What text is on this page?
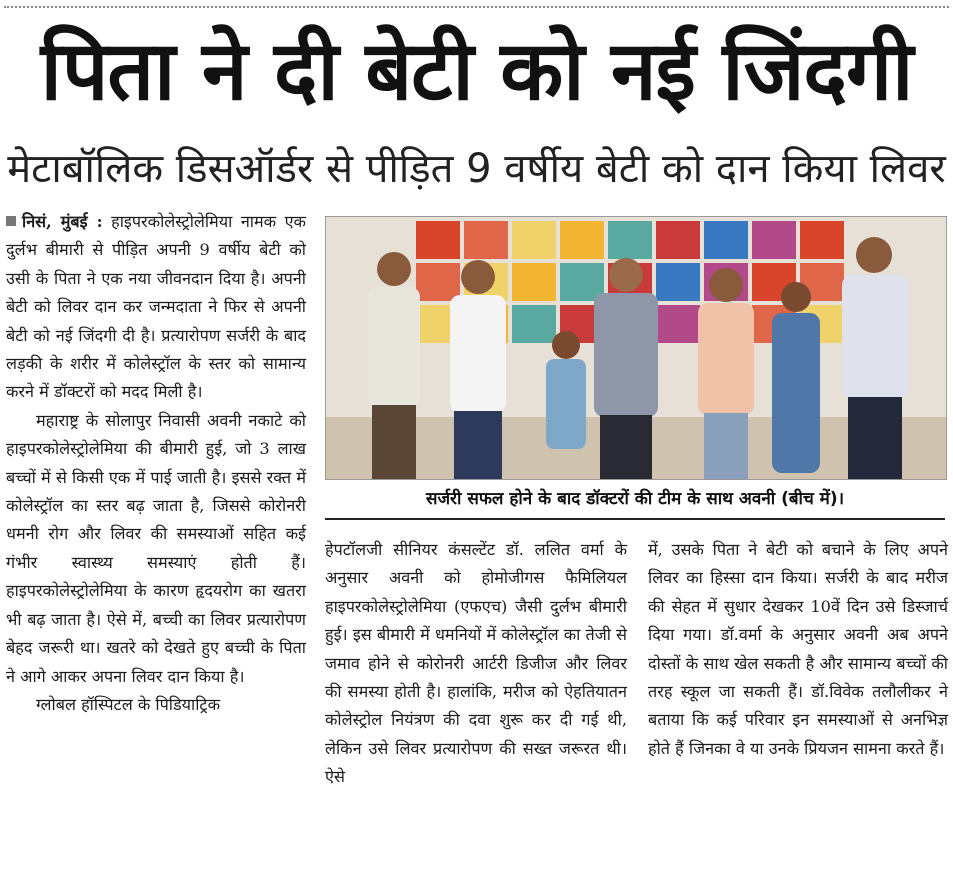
पिता ने दी बेटी को नई जिंदगी
मेटाबॉलिक डिसऑर्डर से पीड़ित 9 वर्षीय बेटी को दान किया लिवर

निसं, मुंबई : हाइपरकोलेस्ट्रोलेमिया नामक एक दुर्लभ बीमारी से पीड़ित अपनी 9 वर्षीय बेटी को उसी के पिता ने एक नया जीवनदान दिया है। अपनी बेटी को लिवर दान कर जन्मदाता ने फिर से अपनी बेटी को नई जिंदगी दी है। प्रत्यारोपण सर्जरी के बाद लड़की के शरीर में कोलेस्ट्रॉल के स्तर को सामान्य करने में डॉक्टरों को मदद मिली है।

महाराष्ट्र के सोलापुर निवासी अवनी नकाटे को हाइपरकोलेस्ट्रोलेमिया की बीमारी हुई, जो 3 लाख बच्चों में से किसी एक में पाई जाती है। इससे रक्त में कोलेस्ट्रॉल का स्तर बढ़ जाता है, जिससे कोरोनरी धमनी रोग और लिवर की समस्याओं सहित कई गंभीर स्वास्थ्य समस्याएं होती हैं। हाइपरकोलेस्ट्रोलेमिया के कारण हृदयरोग का खतरा भी बढ़ जाता है। ऐसे में, बच्ची का लिवर प्रत्यारोपण बेहद जरूरी था। खतरे को देखते हुए बच्ची के पिता ने आगे आकर अपना लिवर दान किया है।

ग्लोबल हॉस्पिटल के पिडियाट्रिक

सर्जरी सफल होने के बाद डॉक्टरों की टीम के साथ अवनी (बीच में)।

हेपटॉलजी सीनियर कंसल्टेंट डॉ. ललित वर्मा के अनुसार अवनी को होमोजीगस फैमिलियल हाइपरकोलेस्ट्रोलेमिया (एफएच) जैसी दुर्लभ बीमारी हुई। इस बीमारी में धमनियों में कोलेस्ट्रॉल का तेजी से जमाव होने से कोरोनरी आर्टरी डिजीज और लिवर की समस्या होती है। हालांकि, मरीज को ऐहतियातन कोलेस्ट्रोल नियंत्रण की दवा शुरू कर दी गई थी, लेकिन उसे लिवर प्रत्यारोपण की सख्त जरूरत थी। ऐसे

में, उसके पिता ने बेटी को बचाने के लिए अपने लिवर का हिस्सा दान किया। सर्जरी के बाद मरीज की सेहत में सुधार देखकर 10वें दिन उसे डिस्जार्च दिया गया। डॉ.वर्मा के अनुसार अवनी अब अपने दोस्तों के साथ खेल सकती है और सामान्य बच्चों की तरह स्कूल जा सकती हैं। डॉ.विवेक तलौलीकर ने बताया कि कई परिवार इन समस्याओं से अनभिज्ञ होते हैं जिनका वे या उनके प्रियजन सामना करते हैं।
